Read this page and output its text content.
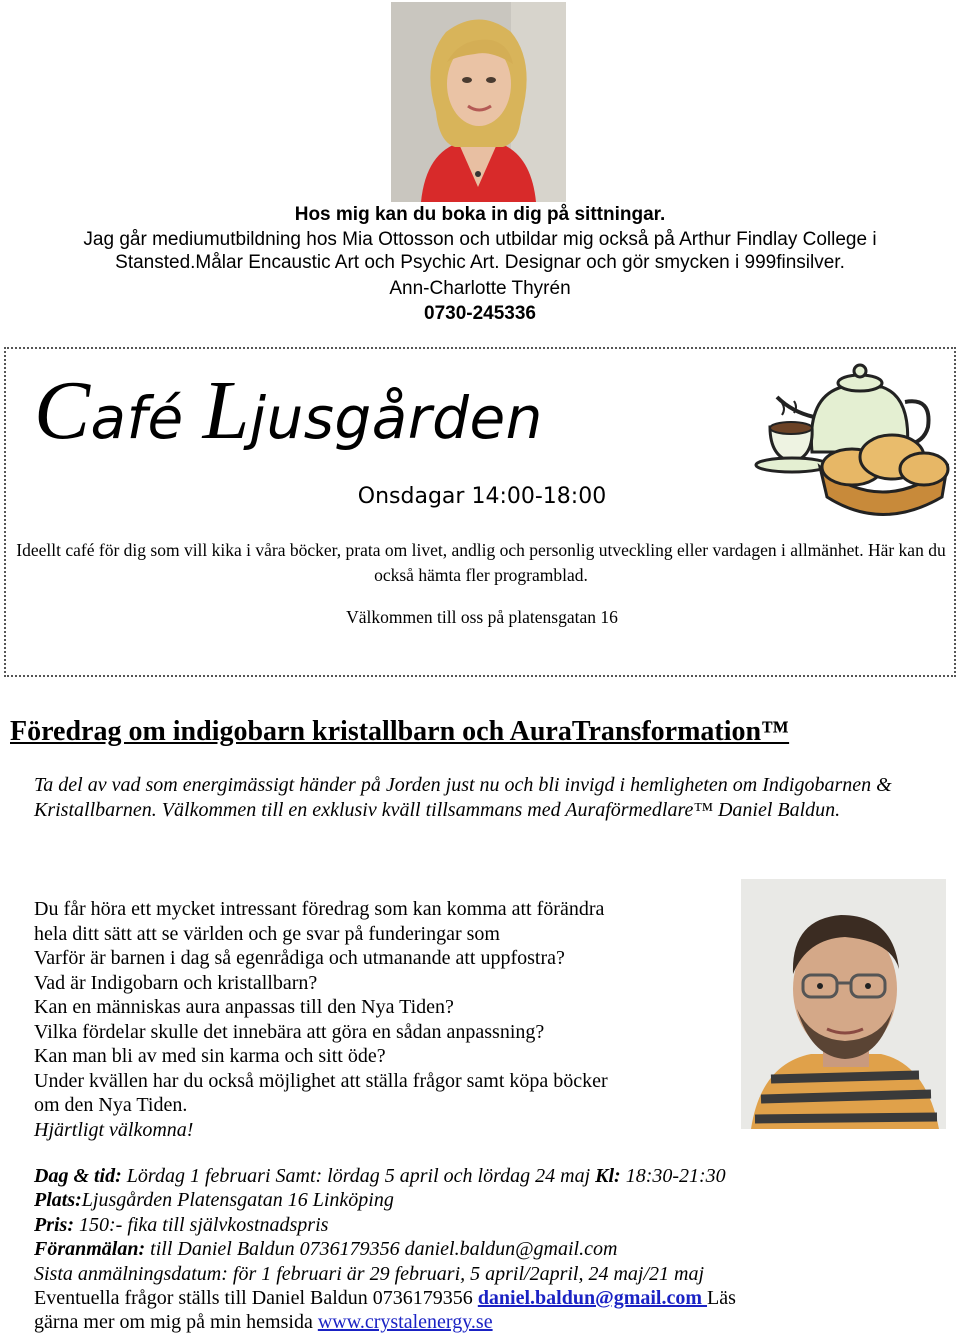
Hos mig kan du boka in dig på sittningar.
Jag går mediumutbildning hos Mia Ottosson och utbildar mig också på Arthur Findlay College i Stansted.Målar Encaustic Art och Psychic Art. Designar och gör smycken i 999finsilver.
Ann-Charlotte Thyrén
0730-245336
Café Ljusgården
Onsdagar 14:00-18:00
Ideellt café för dig som vill kika i våra böcker, prata om livet, andlig och personlig utveckling eller vardagen i allmänhet. Här kan du också hämta fler programblad.
Välkommen till oss på platensgatan 16
Föredrag om indigobarn kristallbarn och AuraTransformation™
Ta del av vad som energimässigt händer på Jorden just nu och bli invigd i hemligheten om Indigobarnen & Kristallbarnen. Välkommen till en exklusiv kväll tillsammans med Auraförmedlare™ Daniel Baldun.
Du får höra ett mycket intressant föredrag som kan komma att förändra
hela ditt sätt att se världen och ge svar på funderingar som
Varför är barnen i dag så egenrådiga och utmanande att uppfostra?
Vad är Indigobarn och kristallbarn?
Kan en människas aura anpassas till den Nya Tiden?
Vilka fördelar skulle det innebära att göra en sådan anpassning?
Kan man bli av med sin karma och sitt öde?
Under kvällen har du också möjlighet att ställa frågor samt köpa böcker
om den Nya Tiden.
Hjärtligt välkomna!
Dag & tid: Lördag 1 februari Samt: lördag 5 april och lördag 24 maj Kl: 18:30-21:30
Plats:Ljusgården Platensgatan 16 Linköping
Pris: 150:- fika till självkostnadspris
Föranmälan: till Daniel Baldun 0736179356 daniel.baldun@gmail.com
Sista anmälningsdatum: för 1 februari är 29 februari, 5 april/2april, 24 maj/21 maj
Eventuella frågor ställs till Daniel Baldun 0736179356 daniel.baldun@gmail.com Läs
gärna mer om mig på min hemsida www.crystalenergy.se
